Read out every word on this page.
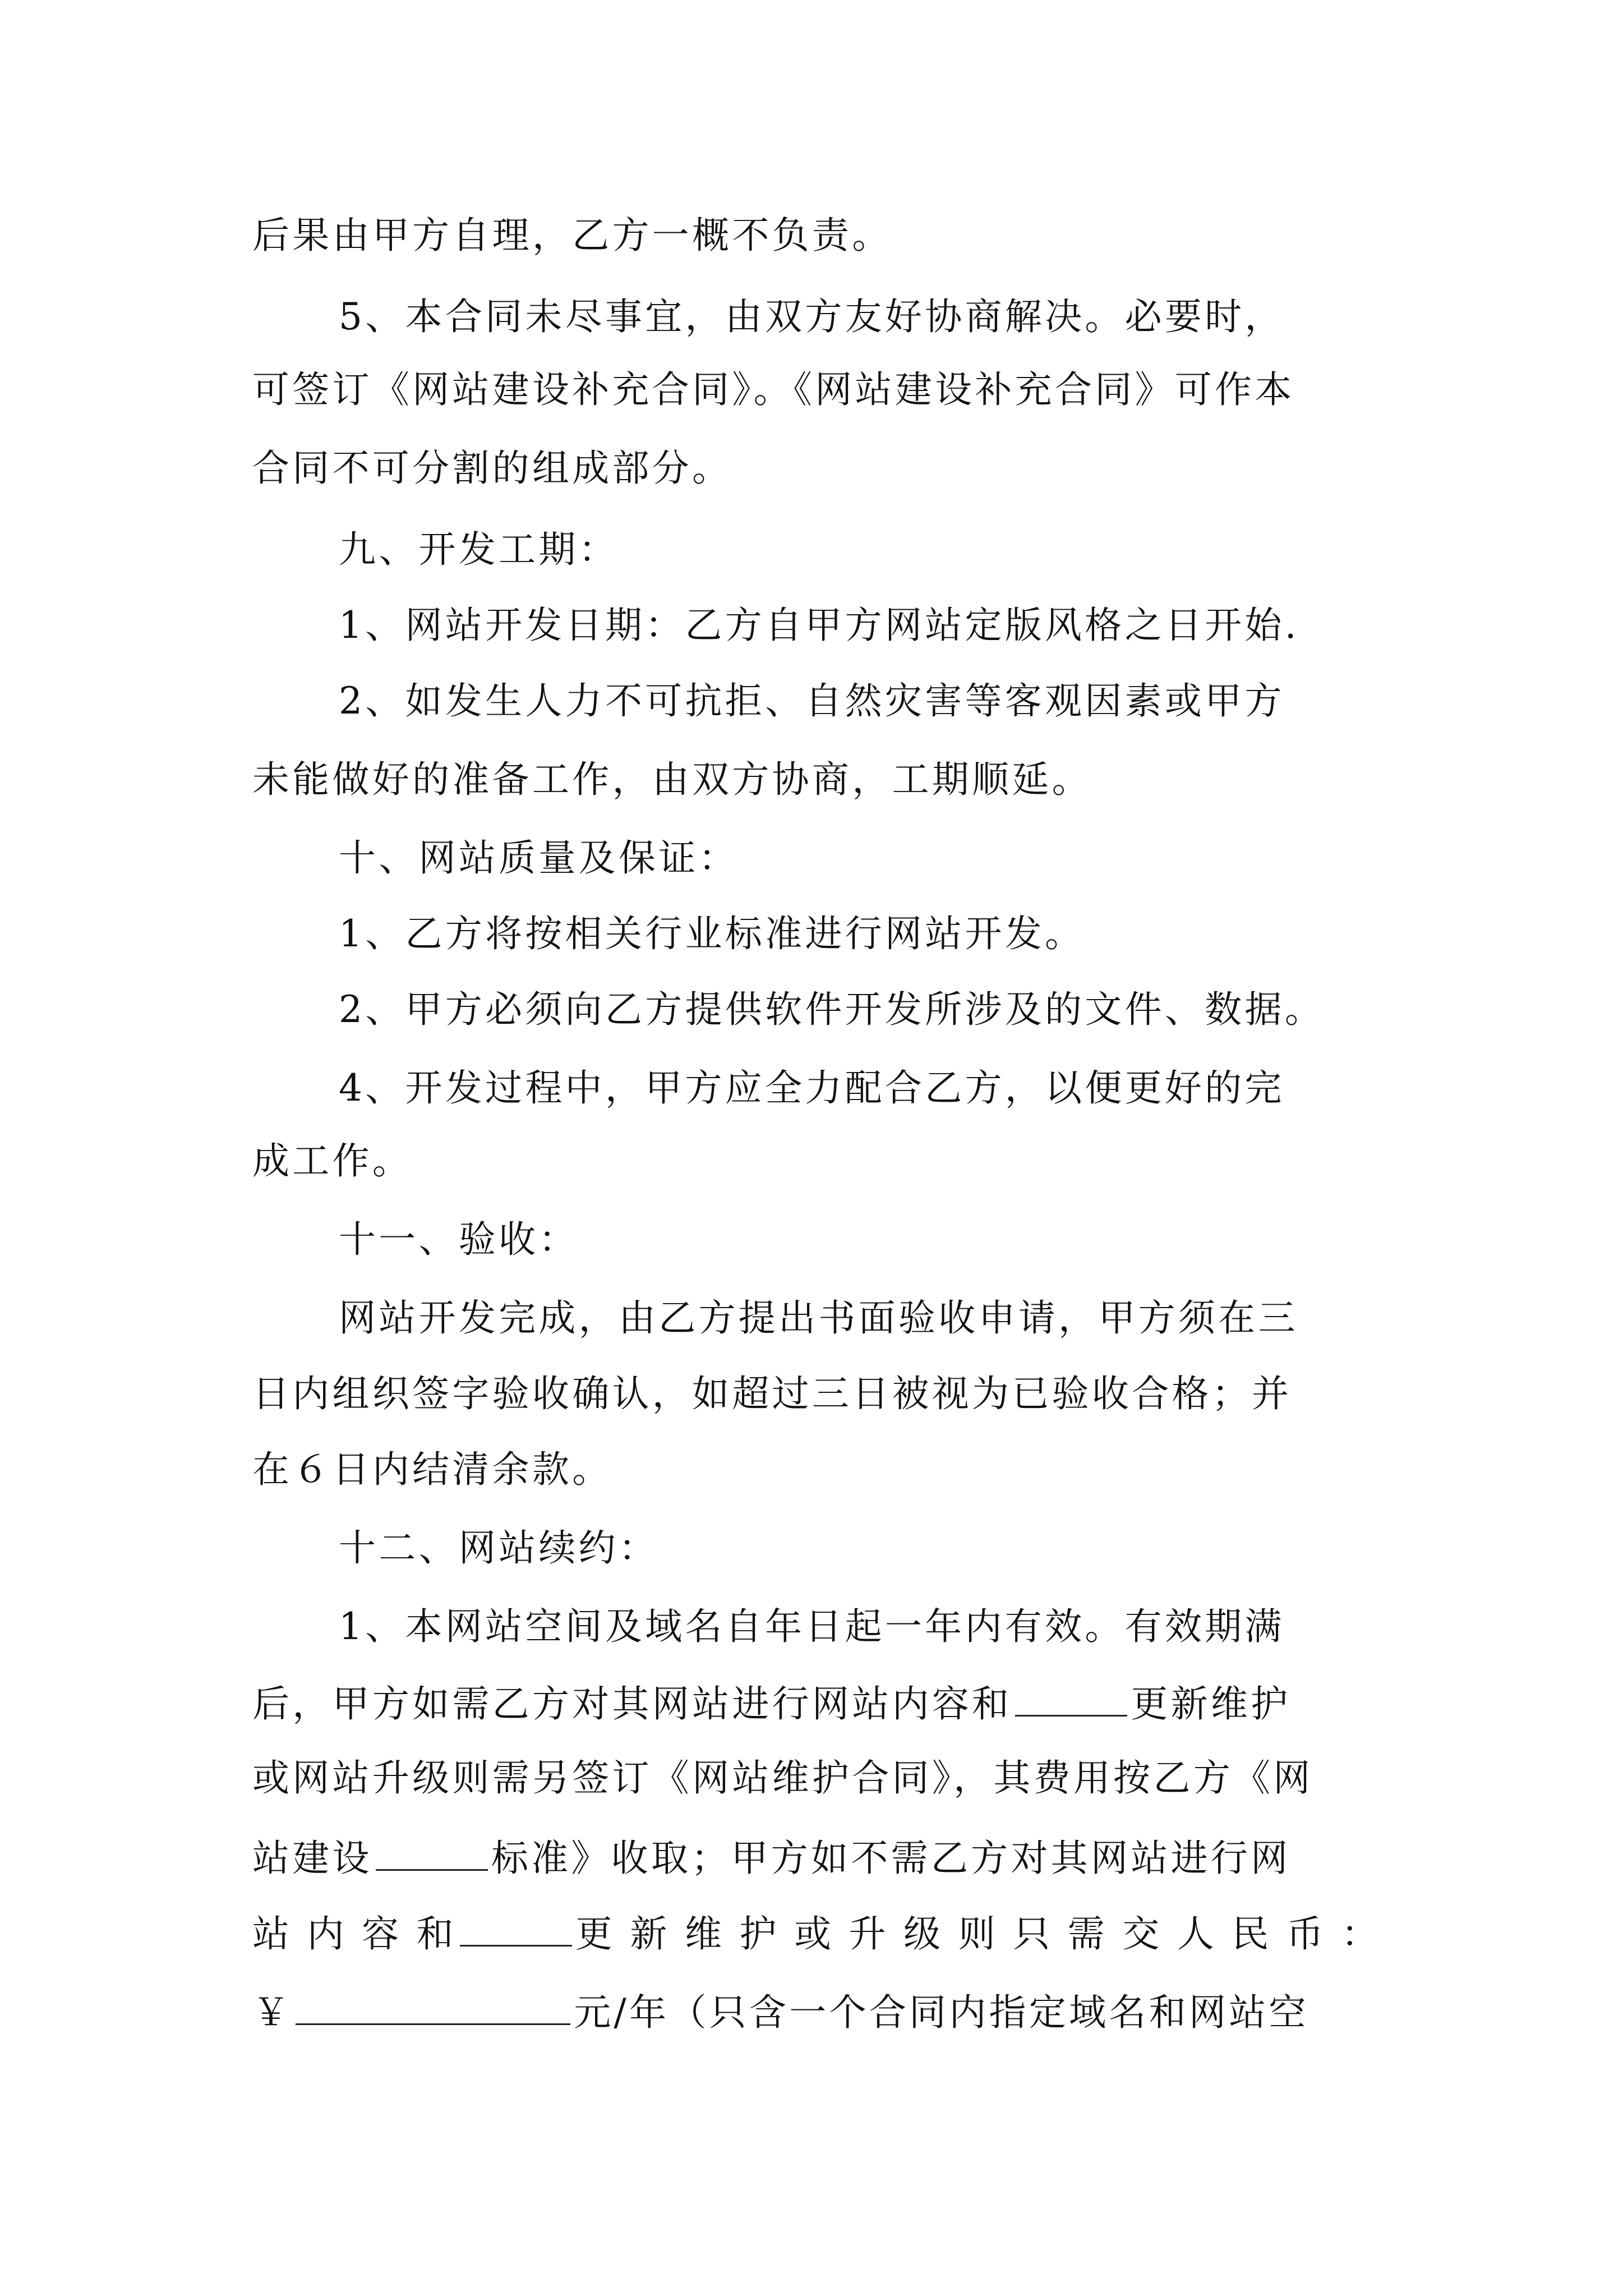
后果由甲方自理，乙方一概不负责。
5、本合同未尽事宜，由双方友好协商解决。必要时，
可签订《网站建设补充合同》。《网站建设补充合同》可作本
合同不可分割的组成部分。
九、开发工期：
1、网站开发日期：乙方自甲方网站定版风格之日开始.
2、如发生人力不可抗拒、自然灾害等客观因素或甲方
未能做好的准备工作，由双方协商，工期顺延。
十、网站质量及保证：
1、乙方将按相关行业标准进行网站开发。
2、甲方必须向乙方提供软件开发所涉及的文件、数据。
4、开发过程中，甲方应全力配合乙方，以便更好的完
成工作。
十一、验收：
网站开发完成，由乙方提出书面验收申请，甲方须在三
日内组织签字验收确认，如超过三日被视为已验收合格；并
在６日内结清余款。
十二、网站续约：
1、本网站空间及域名自年日起一年内有效。有效期满
后，甲方如需乙方对其网站进行网站内容和	更新维护
或网站升级则需另签订《网站维护合同》，其费用按乙方《网
站建设	标准》收取；甲方如不需乙方对其网站进行网
站 内 容 和	更 新 维 护 或 升 级 则 只 需 交 人 民 币 ：
￥	元/年（只含一个合同内指定域名和网站空
